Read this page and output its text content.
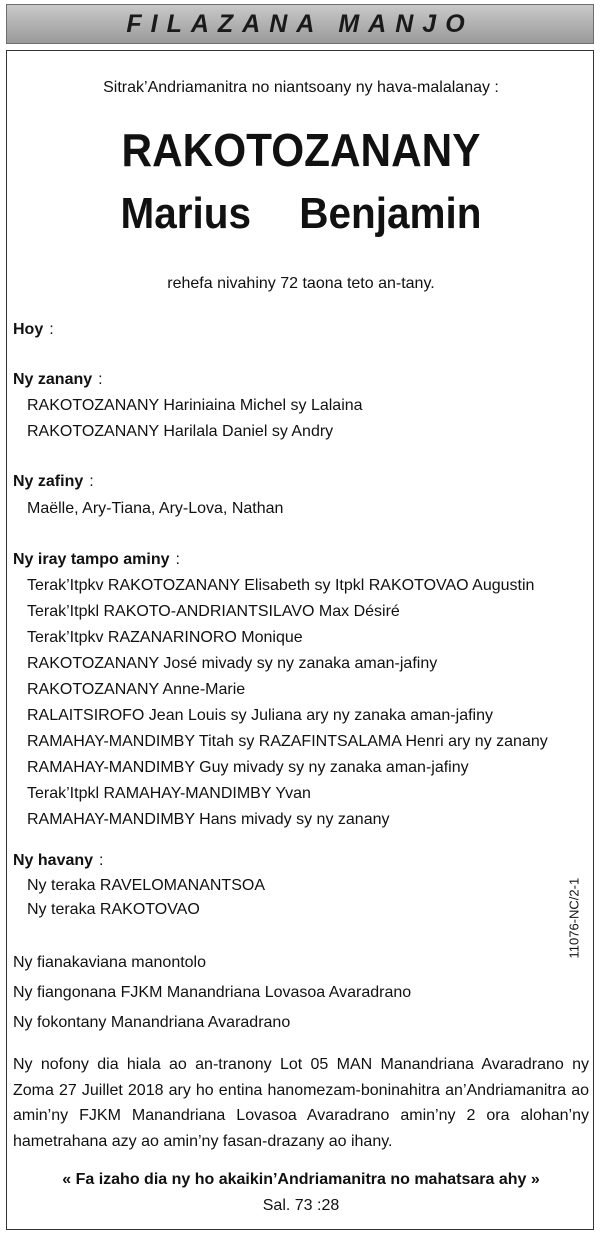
FILAZANA MANJO
Sitrak’Andriamanitra no niantsoany ny hava-malalanay :
RAKOTOZANANY
Marius  Benjamin
rehefa nivahiny 72 taona teto an-tany.
Hoy :
Ny zanany :
RAKOTOZANANY Hariniaina Michel sy Lalaina
RAKOTOZANANY Harilala Daniel sy Andry
Ny zafiny :
Maëlle, Ary-Tiana, Ary-Lova, Nathan
Ny iray tampo aminy :
Terak’Itpkv RAKOTOZANANY Elisabeth sy Itpkl RAKOTOVAO Augustin
Terak’Itpkl RAKOTO-ANDRIANTSILAVO Max Désiré
Terak’Itpkv RAZANARINORO Monique
RAKOTOZANANY José mivady sy ny zanaka aman-jafiny
RAKOTOZANANY Anne-Marie
RALAITSIROFO Jean Louis sy Juliana ary ny zanaka aman-jafiny
RAMAHAY-MANDIMBY Titah sy RAZAFINTSALAMA Henri ary ny zanany
RAMAHAY-MANDIMBY Guy mivady sy ny zanaka aman-jafiny
Terak’Itpkl RAMAHAY-MANDIMBY Yvan
RAMAHAY-MANDIMBY Hans mivady sy ny zanany
Ny havany :
Ny teraka RAVELOMANANTSOA
Ny teraka RAKOTOVAO
Ny fianakaviana manontolo
Ny fiangonana FJKM Manandriana Lovasoa Avaradrano
Ny fokontany Manandriana Avaradrano
Ny nofony dia hiala ao an-tranony Lot 05 MAN Manandriana Avaradrano ny Zoma 27 Juillet 2018 ary ho entina hanomezam-boninahitra an’Andriamanitra ao amin’ny FJKM Manandriana Lovasoa Avaradrano amin’ny 2 ora alohan’ny hametrahana azy ao amin’ny fasan-drazany ao ihany.
« Fa izaho dia ny ho akaikin’Andriamanitra no mahatsara ahy »
Sal. 73 :28
11076-NC/2-1
